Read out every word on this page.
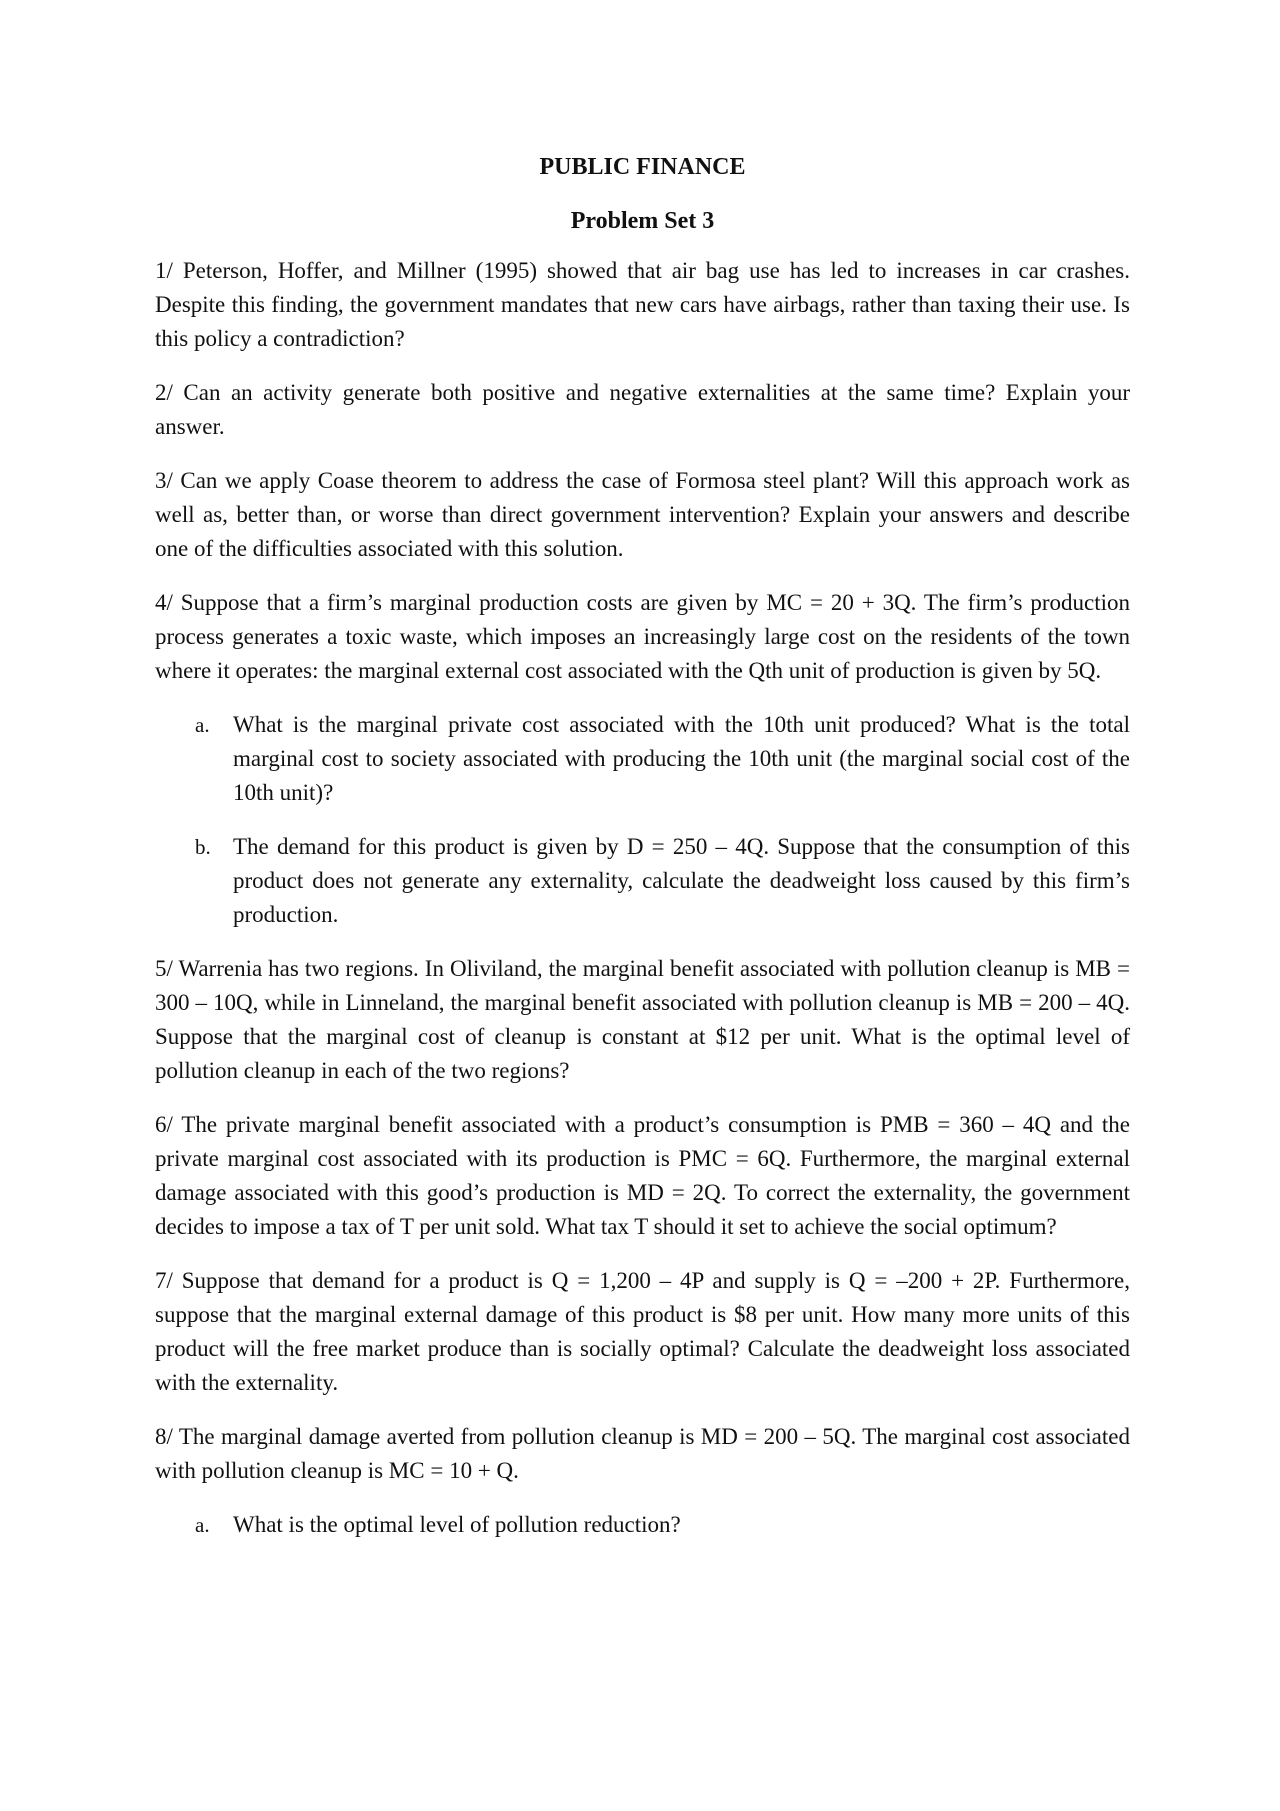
PUBLIC FINANCE
Problem Set 3

1/ Peterson, Hoffer, and Millner (1995) showed that air bag use has led to increases in car crashes. Despite this finding, the government mandates that new cars have airbags, rather than taxing their use. Is this policy a contradiction?

2/ Can an activity generate both positive and negative externalities at the same time? Explain your answer.

3/ Can we apply Coase theorem to address the case of Formosa steel plant? Will this approach work as well as, better than, or worse than direct government intervention? Explain your answers and describe one of the difficulties associated with this solution.

4/ Suppose that a firm’s marginal production costs are given by MC = 20 + 3Q. The firm’s production process generates a toxic waste, which imposes an increasingly large cost on the residents of the town where it operates: the marginal external cost associated with the Qth unit of production is given by 5Q.

a.	What is the marginal private cost associated with the 10th unit produced? What is the total marginal cost to society associated with producing the 10th unit (the marginal social cost of the 10th unit)?
b. The demand for this product is given by D = 250 – 4Q. Suppose that the consumption of this product does not generate any externality, calculate the deadweight loss caused by this firm’s production.

5/ Warrenia has two regions. In Oliviland, the marginal benefit associated with pollution cleanup is MB = 300 – 10Q, while in Linneland, the marginal benefit associated with pollution cleanup is MB = 200 – 4Q. Suppose that the marginal cost of cleanup is constant at $12 per unit. What is the optimal level of pollution cleanup in each of the two regions?

6/ The private marginal benefit associated with a product’s consumption is PMB = 360 – 4Q and the private marginal cost associated with its production is PMC = 6Q. Furthermore, the marginal external damage associated with this good’s production is MD = 2Q. To correct the externality, the government decides to impose a tax of T per unit sold. What tax T should it set to achieve the social optimum?

7/ Suppose that demand for a product is Q = 1,200 – 4P and supply is Q = –200 + 2P. Furthermore, suppose that the marginal external damage of this product is $8 per unit. How many more units of this product will the free market produce than is socially optimal? Calculate the deadweight loss associated with the externality.

8/ The marginal damage averted from pollution cleanup is MD = 200 – 5Q. The marginal cost associated with pollution cleanup is MC = 10 + Q.

a.	What is the optimal level of pollution reduction?
